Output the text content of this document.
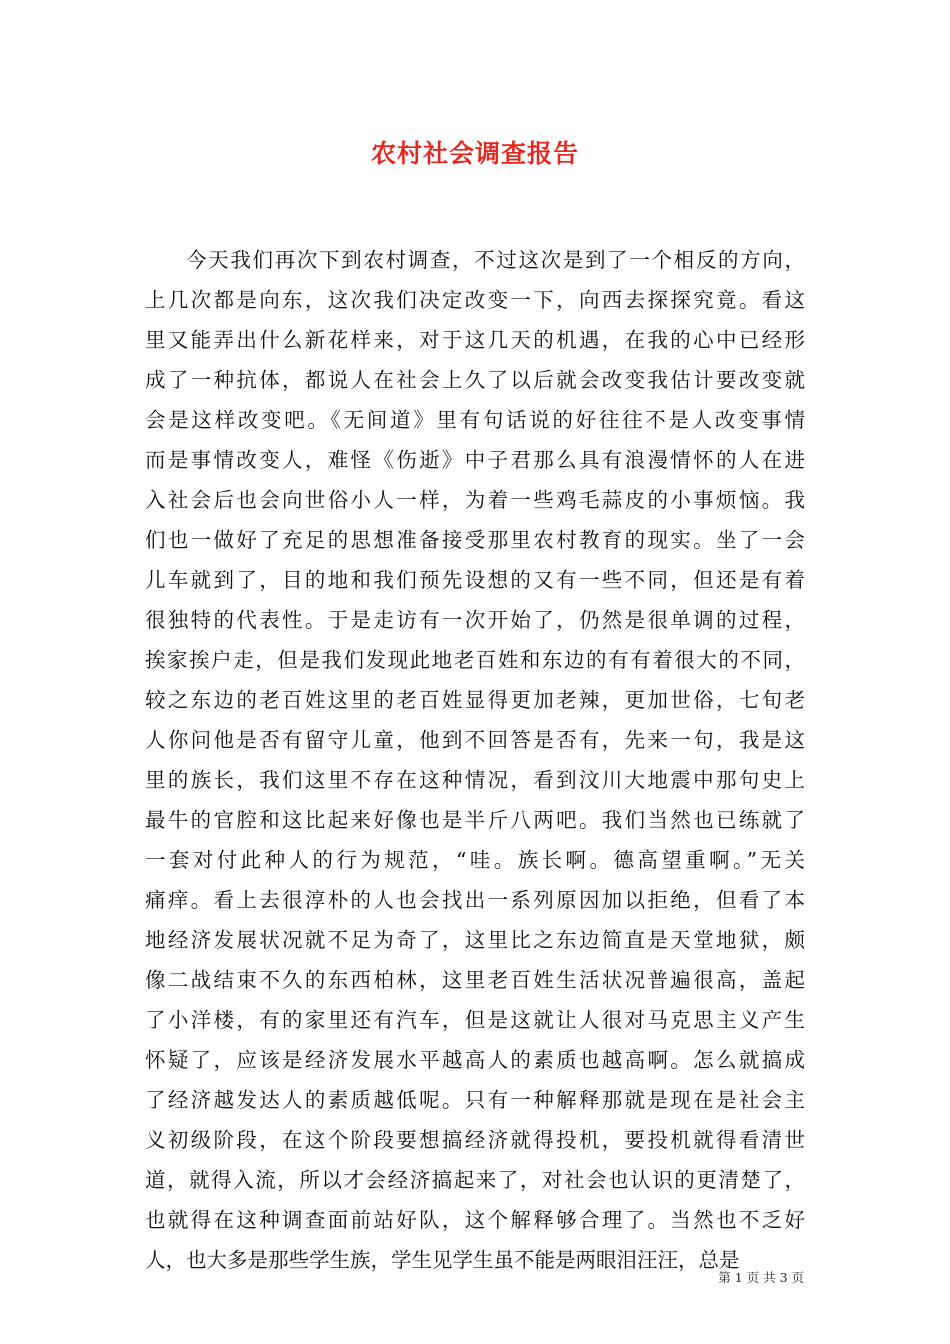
农村社会调查报告
今天我们再次下到农村调查，不过这次是到了一个相反的方向，
上几次都是向东，这次我们决定改变一下，向西去探探究竟。看这
里又能弄出什么新花样来，对于这几天的机遇，在我的心中已经形
成了一种抗体，都说人在社会上久了以后就会改变我估计要改变就
会是这样改变吧。《无间道》里有句话说的好往往不是人改变事情
而是事情改变人，难怪《伤逝》中子君那么具有浪漫情怀的人在进
入社会后也会向世俗小人一样，为着一些鸡毛蒜皮的小事烦恼。我
们也一做好了充足的思想准备接受那里农村教育的现实。坐了一会
儿车就到了，目的地和我们预先设想的又有一些不同，但还是有着
很独特的代表性。于是走访有一次开始了，仍然是很单调的过程，
挨家挨户走，但是我们发现此地老百姓和东边的有有着很大的不同，
较之东边的老百姓这里的老百姓显得更加老辣，更加世俗，七旬老
人你问他是否有留守儿童，他到不回答是否有，先来一句，我是这
里的族长，我们这里不存在这种情况，看到汶川大地震中那句史上
最牛的官腔和这比起来好像也是半斤八两吧。我们当然也已练就了
一套对付此种人的行为规范，“哇。族长啊。德高望重啊。”无关
痛痒。看上去很淳朴的人也会找出一系列原因加以拒绝，但看了本
地经济发展状况就不足为奇了，这里比之东边简直是天堂地狱，颇
像二战结束不久的东西柏林，这里老百姓生活状况普遍很高，盖起
了小洋楼，有的家里还有汽车，但是这就让人很对马克思主义产生
怀疑了，应该是经济发展水平越高人的素质也越高啊。怎么就搞成
了经济越发达人的素质越低呢。只有一种解释那就是现在是社会主
义初级阶段，在这个阶段要想搞经济就得投机，要投机就得看清世
道，就得入流，所以才会经济搞起来了，对社会也认识的更清楚了，
也就得在这种调查面前站好队，这个解释够合理了。当然也不乏好
人，也大多是那些学生族，学生见学生虽不能是两眼泪汪汪，总是
第 1 页 共 3 页
